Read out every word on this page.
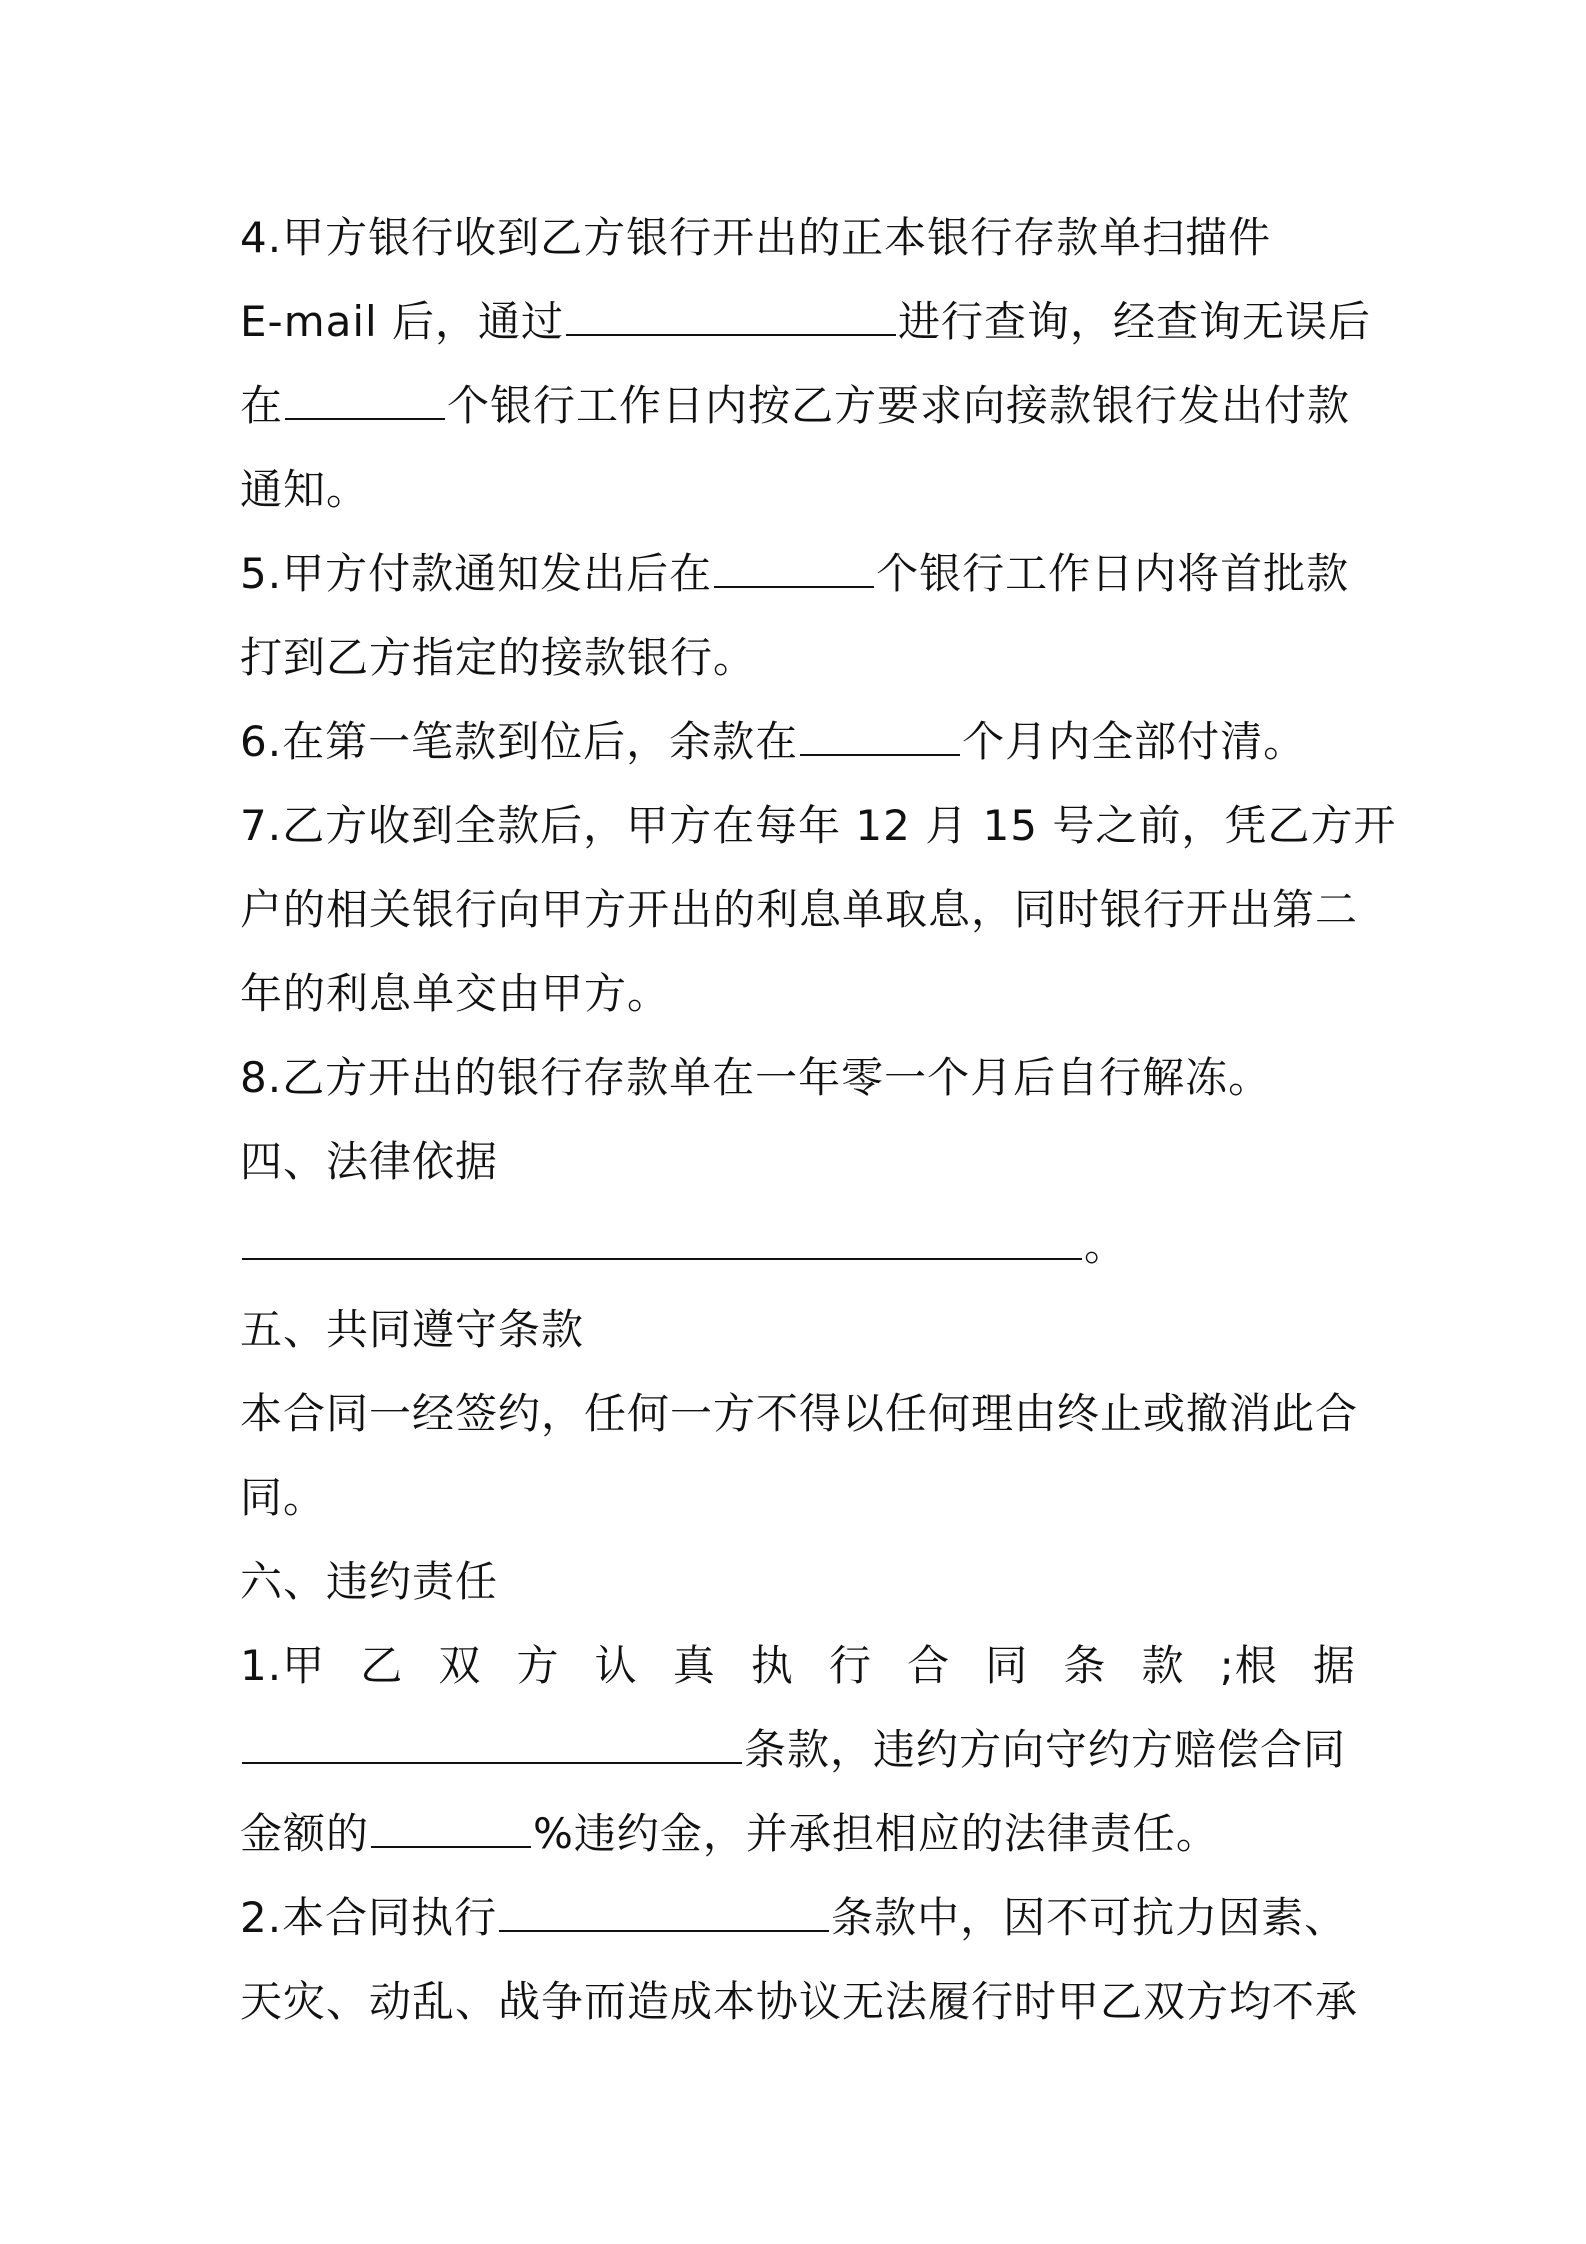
4.甲方银行收到乙方银行开出的正本银行存款单扫描件
E-mail 后，通过	进行查询，经查询无误后
在	个银行工作日内按乙方要求向接款银行发出付款
通知。
5.甲方付款通知发出后在	个银行工作日内将首批款
打到乙方指定的接款银行。
6.在第一笔款到位后，余款在	个月内全部付清。
7.乙方收到全款后，甲方在每年 12 月 15 号之前，凭乙方开
户的相关银行向甲方开出的利息单取息，同时银行开出第二
年的利息单交由甲方。
8.乙方开出的银行存款单在一年零一个月后自行解冻。
四、法律依据
。
五、共同遵守条款
本合同一经签约，任何一方不得以任何理由终止或撤消此合
同。
六、违约责任
1.甲 乙 双 方 认 真 执 行 合 同 条 款 ;根 据
条款，违约方向守约方赔偿合同
金额的	%违约金，并承担相应的法律责任。
2.本合同执行	条款中，因不可抗力因素、
天灾、动乱、战争而造成本协议无法履行时甲乙双方均不承
